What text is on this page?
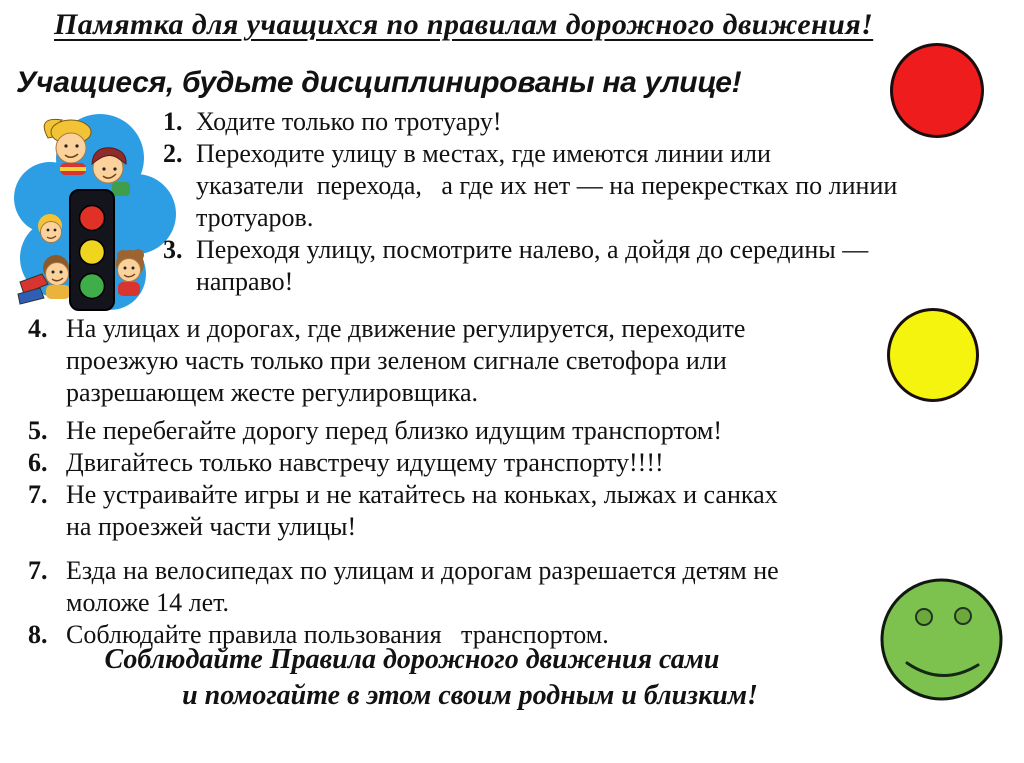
Памятка для учащихся по правилам дорожного движения!
Учащиеся, будьте дисциплинированы на улице!
1. Ходите только по тротуару!
2. Переходите улицу в местах, где имеются линии или
указатели  перехода,   а где их нет — на перекрестках по линии
тротуаров.
3. Переходя улицу, посмотрите налево, а дойдя до середины —
направо!
4. На улицах и дорогах, где движение регулируется, переходите
проезжую часть только при зеленом сигнале светофора или
разрешающем жесте регулировщика.
5. Не перебегайте дорогу перед близко идущим транспортом!
6. Двигайтесь только навстречу идущему транспорту!!!!
7. Не устраивайте игры и не катайтесь на коньках, лыжах и санках
на проезжей части улицы!
7. Езда на велосипедах по улицам и дорогам разрешается детям не
моложе 14 лет.
8. Соблюдайте правила пользования   транспортом.
Соблюдайте Правила дорожного движения сами
и помогайте в этом своим родным и близким!
